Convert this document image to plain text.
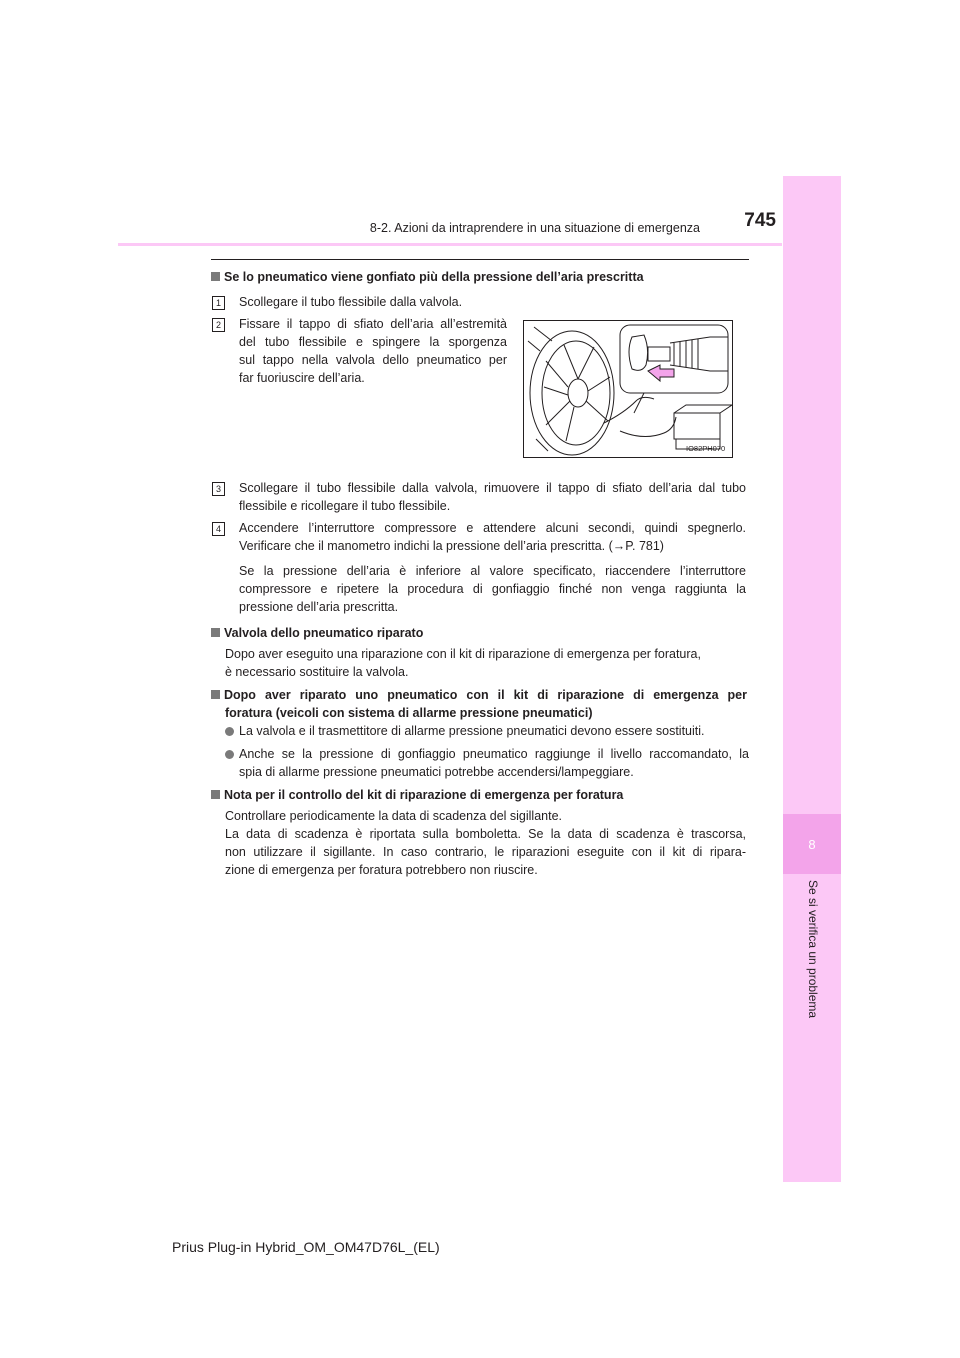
8
Se si verifica un problema
8-2. Azioni da intraprendere in una situazione di emergenza	745
Se lo pneumatico viene gonfiato più della pressione dell’aria prescritta
1	Scollegare il tubo flessibile dalla valvola.
2	Fissare il tappo di sfiato dell’aria all’estremità
del tubo flessibile e spingere la sporgenza
sul tappo nella valvola dello pneumatico per
far fuoriuscire dell’aria.
IO82PH070
3	Scollegare il tubo flessibile dalla valvola, rimuovere il tappo di sfiato dell’aria dal tubo
flessibile e ricollegare il tubo flessibile.
4	Accendere l’interruttore compressore e attendere alcuni secondi, quindi spegnerlo.
Verificare che il manometro indichi la pressione dell’aria prescritta. (→P. 781)
Se la pressione dell’aria è inferiore al valore specificato, riaccendere l’interruttore
compressore e ripetere la procedura di gonfiaggio finché non venga raggiunta la
pressione dell’aria prescritta.
Valvola dello pneumatico riparato
Dopo aver eseguito una riparazione con il kit di riparazione di emergenza per foratura,
è necessario sostituire la valvola.
Dopo aver riparato uno pneumatico con il kit di riparazione di emergenza per
foratura (veicoli con sistema di allarme pressione pneumatici)
La valvola e il trasmettitore di allarme pressione pneumatici devono essere sostituiti.
Anche se la pressione di gonfiaggio pneumatico raggiunge il livello raccomandato, la
spia di allarme pressione pneumatici potrebbe accendersi/lampeggiare.
Nota per il controllo del kit di riparazione di emergenza per foratura
Controllare periodicamente la data di scadenza del sigillante.
La data di scadenza è riportata sulla bomboletta. Se la data di scadenza è trascorsa,
non utilizzare il sigillante. In caso contrario, le riparazioni eseguite con il kit di ripara-
zione di emergenza per foratura potrebbero non riuscire.
Prius Plug-in Hybrid_OM_OM47D76L_(EL)
